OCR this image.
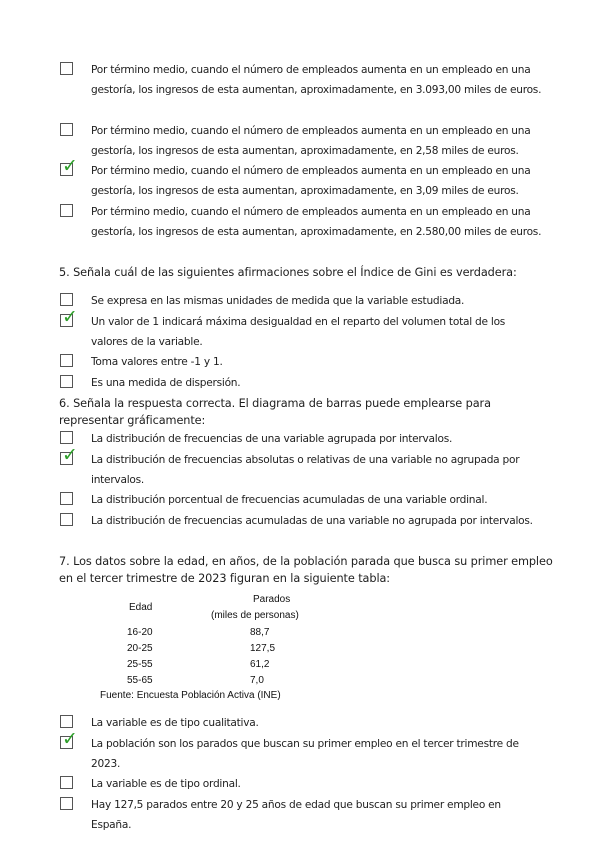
Por término medio, cuando el número de empleados aumenta en un empleado en una gestoría, los ingresos de esta aumentan, aproximadamente, en 3.093,00 miles de euros.
Por término medio, cuando el número de empleados aumenta en un empleado en una gestoría, los ingresos de esta aumentan, aproximadamente, en 2,58 miles de euros.
✓ Por término medio, cuando el número de empleados aumenta en un empleado en una gestoría, los ingresos de esta aumentan, aproximadamente, en 3,09 miles de euros.
Por término medio, cuando el número de empleados aumenta en un empleado en una gestoría, los ingresos de esta aumentan, aproximadamente, en 2.580,00 miles de euros.
5. Señala cuál de las siguientes afirmaciones sobre el Índice de Gini es verdadera:
Se expresa en las mismas unidades de medida que la variable estudiada.
✓ Un valor de 1 indicará máxima desigualdad en el reparto del volumen total de los valores de la variable.
Toma valores entre -1 y 1.
Es una medida de dispersión.
6. Señala la respuesta correcta. El diagrama de barras puede emplearse para representar gráficamente:
La distribución de frecuencias de una variable agrupada por intervalos.
✓ La distribución de frecuencias absolutas o relativas de una variable no agrupada por intervalos.
La distribución porcentual de frecuencias acumuladas de una variable ordinal.
La distribución de frecuencias acumuladas de una variable no agrupada por intervalos.
7. Los datos sobre la edad, en años, de la población parada que busca su primer empleo en el tercer trimestre de 2023 figuran en la siguiente tabla:
Edad
Parados
(miles de personas)
16-20	88,7
20-25	127,5
25-55	61,2
55-65	7,0
Fuente: Encuesta Población Activa (INE)
La variable es de tipo cualitativa.
✓ La población son los parados que buscan su primer empleo en el tercer trimestre de 2023.
La variable es de tipo ordinal.
Hay 127,5 parados entre 20 y 25 años de edad que buscan su primer empleo en España.
